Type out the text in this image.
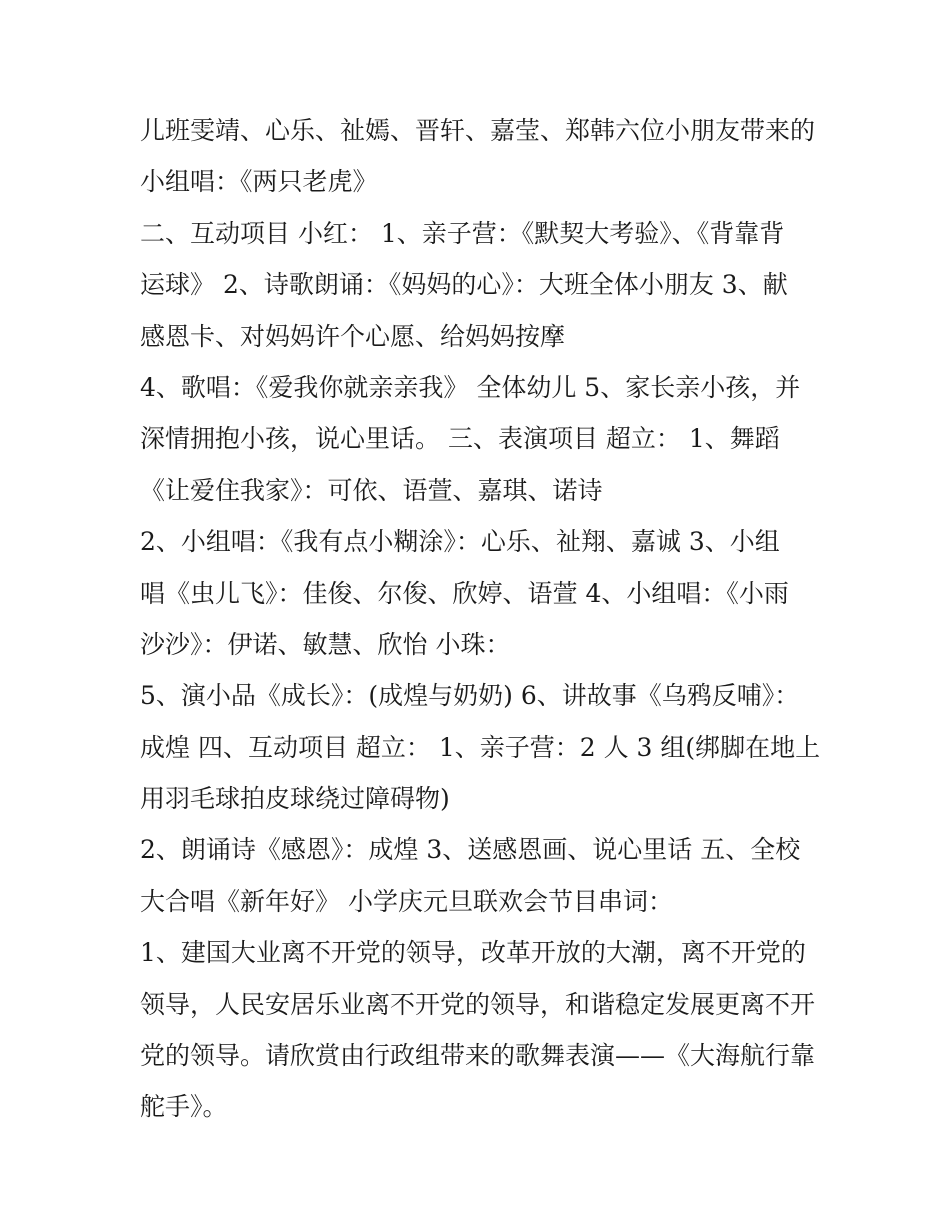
儿班雯靖、心乐、祉嫣、晋轩、嘉莹、郑韩六位小朋友带来的
小组唱：《两只老虎》
二、互动项目 小红： 1、亲子营：《默契大考验》、《背靠背
运球》 2、诗歌朗诵：《妈妈的心》：大班全体小朋友 3、献
感恩卡、对妈妈许个心愿、给妈妈按摩
4、歌唱：《爱我你就亲亲我》 全体幼儿 5、家长亲小孩，并
深情拥抱小孩，说心里话。 三、表演项目 超立： 1、舞蹈
《让爱住我家》：可依、语萱、嘉琪、诺诗
2、小组唱：《我有点小糊涂》：心乐、祉翔、嘉诚 3、小组
唱《虫儿飞》：佳俊、尔俊、欣婷、语萱 4、小组唱：《小雨
沙沙》：伊诺、敏慧、欣怡 小珠：
5、演小品《成长》：(成煌与奶奶) 6、讲故事《乌鸦反哺》：
成煌 四、互动项目 超立： 1、亲子营：2 人 3 组(绑脚在地上
用羽毛球拍皮球绕过障碍物)
2、朗诵诗《感恩》：成煌 3、送感恩画、说心里话 五、全校
大合唱《新年好》 小学庆元旦联欢会节目串词：
1、建国大业离不开党的领导，改革开放的大潮，离不开党的
领导，人民安居乐业离不开党的领导，和谐稳定发展更离不开
党的领导。请欣赏由行政组带来的歌舞表演——《大海航行靠
舵手》。
